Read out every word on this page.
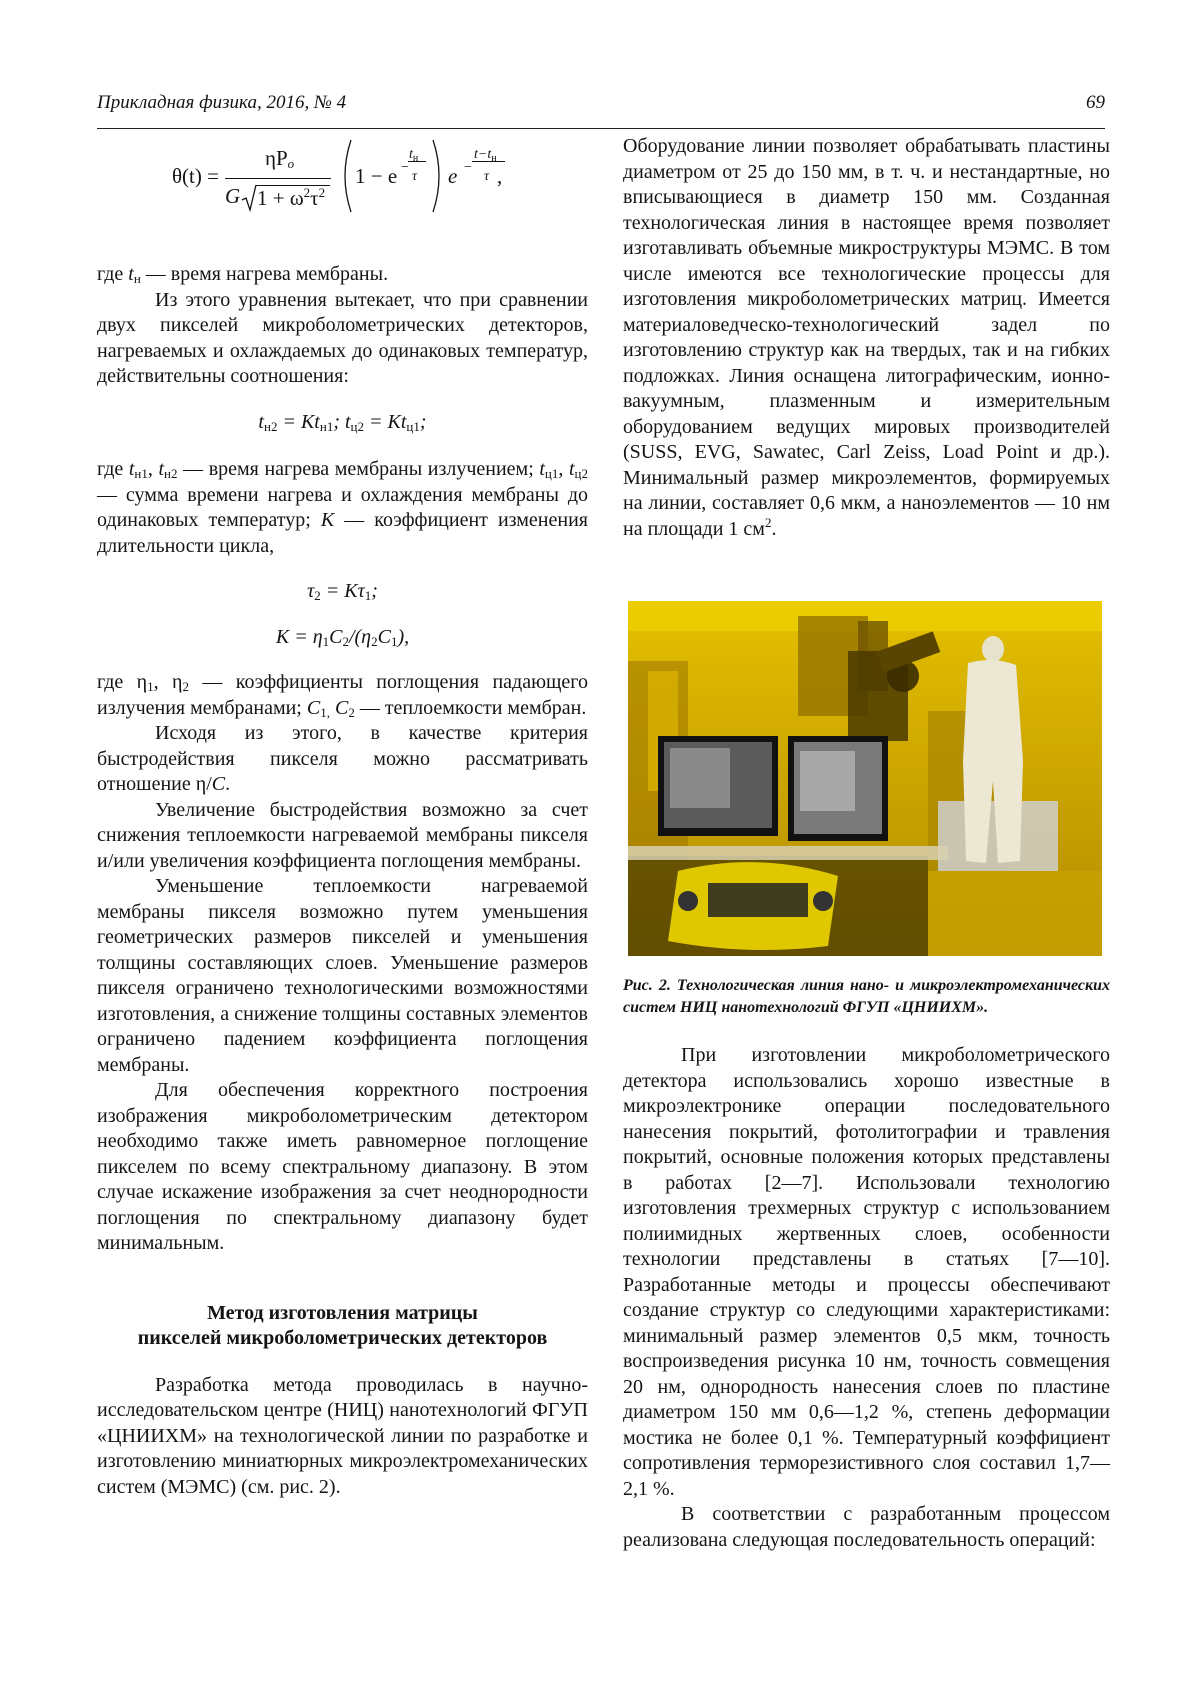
Прикладная физика, 2016, № 4	69
θ(t) =
$\eta P_o$
G $1 + \omega^2\tau^2$
1 − e −
$t_н$
τ e −
$t-t_н$
τ ,

где $t_н$ — время нагрева мембраны.

Из этого уравнения вытекает, что при сравнении двух пикселей микроболометрических детекторов, нагреваемых и охлаждаемых до одинаковых температур, действительны соотношения:

$t_{н2} = Kt_{н1}$; $t_{ц2} = Kt_{ц1}$;

где $t_{н1}$, $t_{н2}$ — время нагрева мембраны излучением; $t_{ц1}$, $t_{ц2}$ — сумма времени нагрева и охлаждения мембраны до одинаковых температур; K — коэффициент изменения длительности цикла,

$\tau_2 = K\tau_1$;

$K = \eta_1C_2/(\eta_2C_1)$,

где $\eta_1$, $\eta_2$ — коэффициенты поглощения падающего излучения мембранами; $C_{1,}$ $C_2$ — теплоемкости мембран.

Исходя из этого, в качестве критерия быстродействия пикселя можно рассматривать отношение η/C.

Увеличение быстродействия возможно за счет снижения теплоемкости нагреваемой мембраны пикселя и/или увеличения коэффициента поглощения мембраны.

Уменьшение теплоемкости нагреваемой мембраны пикселя возможно путем уменьшения геометрических размеров пикселей и уменьшения толщины составляющих слоев. Уменьшение размеров пикселя ограничено технологическими возможностями изготовления, а снижение толщины составных элементов ограничено падением коэффициента поглощения мембраны.

Для обеспечения корректного построения изображения микроболометрическим детектором необходимо также иметь равномерное поглощение пикселем по всему спектральному диапазону. В этом случае искажение изображения за счет неоднородности поглощения по спектральному диапазону будет минимальным.

Метод изготовления матрицы
пикселей микроболометрических детекторов

Разработка метода проводилась в научно-исследовательском центре (НИЦ) нанотехнологий ФГУП «ЦНИИХМ» на технологической линии по разработке и изготовлению миниатюрных микроэлектромеханических систем (МЭМС) (см. рис. 2).

Оборудование линии позволяет обрабатывать пластины диаметром от 25 до 150 мм, в т. ч. и нестандартные, но вписывающиеся в диаметр 150 мм. Созданная технологическая линия в настоящее время позволяет изготавливать объемные микроструктуры МЭМС. В том числе имеются все технологические процессы для изготовления микроболометрических матриц. Имеется материаловедческо-технологический задел по изготовлению структур как на твердых, так и на гибких подложках. Линия оснащена литографическим, ионно-вакуумным, плазменным и измерительным оборудованием ведущих мировых производителей (SUSS, EVG, Sawatec, Carl Zeiss, Load Point и др.). Минимальный размер микроэлементов, формируемых на линии, составляет 0,6 мкм, а наноэлементов — 10 нм на площади 1 $см^2$.

Рис. 2. Технологическая линия нано- и микроэлектромеханических систем НИЦ нанотехнологий ФГУП «ЦНИИХМ».

При изготовлении микроболометрического детектора использовались хорошо известные в микроэлектронике операции последовательного нанесения покрытий, фотолитографии и травления покрытий, основные положения которых представлены в работах [2—7]. Использовали технологию изготовления трехмерных структур с использованием полиимидных жертвенных слоев, особенности технологии представлены в статьях [7—10]. Разработанные методы и процессы обеспечивают создание структур со следующими характеристиками: минимальный размер элементов 0,5 мкм, точность воспроизведения рисунка 10 нм, точность совмещения 20 нм, однородность нанесения слоев по пластине диаметром 150 мм 0,6—1,2 %, степень деформации мостика не более 0,1 %. Температурный коэффициент сопротивления терморезистивного слоя составил 1,7—2,1 %.

В соответствии с разработанным процессом реализована следующая последовательность операций:
